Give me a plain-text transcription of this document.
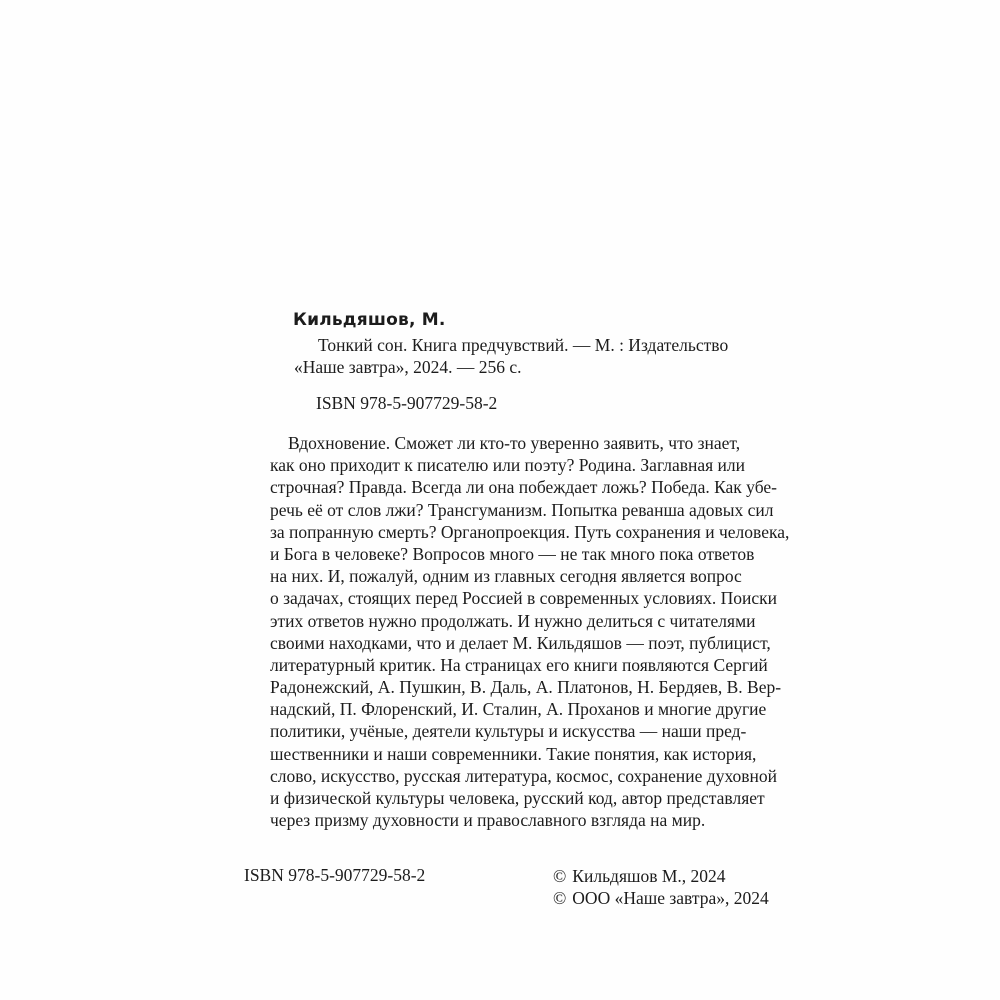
Кильдяшов, М.
Тонкий сон. Книга предчувствий. — М. : Издательство
«Наше завтра», 2024. — 256 с.
ISBN 978-5-907729-58-2

Вдохновение. Сможет ли кто-то уверенно заявить, что знает,
как оно приходит к писателю или поэту? Родина. Заглавная или
строчная? Правда. Всегда ли она побеждает ложь? Победа. Как убе-
речь её от слов лжи? Трансгуманизм. Попытка реванша адовых сил
за попранную смерть? Органопроекция. Путь сохранения и человека,
и Бога в человеке? Вопросов много — не так много пока ответов
на них. И, пожалуй, одним из главных сегодня является вопрос
о задачах, стоящих перед Россией в современных условиях. Поиски
этих ответов нужно продолжать. И нужно делиться с читателями
своими находками, что и делает М. Кильдяшов — поэт, публицист,
литературный критик. На страницах его книги появляются Сергий
Радонежский, А. Пушкин, В. Даль, А. Платонов, Н. Бердяев, В. Вер-
надский, П. Флоренский, И. Сталин, А. Проханов и многие другие
политики, учёные, деятели культуры и искусства — наши пред-
шественники и наши современники. Такие понятия, как история,
слово, искусство, русская литература, космос, сохранение духовной
и физической культуры человека, русский код, автор представляет
через призму духовности и православного взгляда на мир.

ISBN 978-5-907729-58-2	© Кильдяшов М., 2024
© ООО «Наше завтра», 2024
